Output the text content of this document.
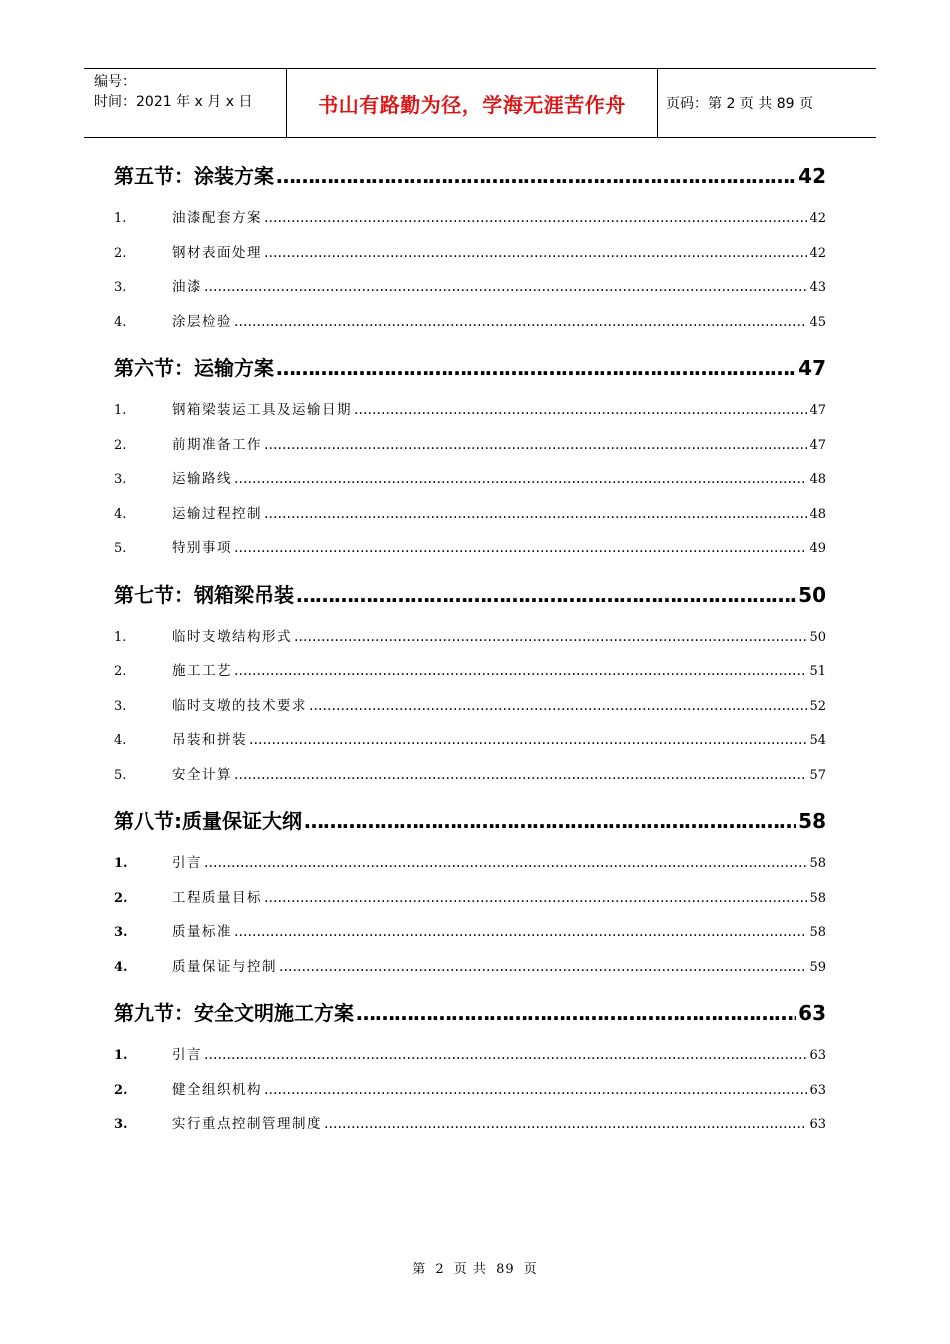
编号：
时间：2021 年 x 月 x 日	书山有路勤为径，学海无涯苦作舟	页码：第 2 页 共 89 页
第五节：涂装方案 ………………………………………………………………………………………………………………………………………………	42
1.	油漆配套方案 …………………………………………………………………………………………………………………………………………………………………………………………	42
2.	钢材表面处理 …………………………………………………………………………………………………………………………………………………………………………………………	42
3.	油漆 …………………………………………………………………………………………………………………………………………………………………………………………	43
4.	涂层检验 …………………………………………………………………………………………………………………………………………………………………………………………	45
第六节：运输方案 ………………………………………………………………………………………………………………………………………………	47
1.	钢箱梁装运工具及运输日期 …………………………………………………………………………………………………………………………………………………………………………………………	47
2.	前期准备工作 …………………………………………………………………………………………………………………………………………………………………………………………	47
3.	运输路线 …………………………………………………………………………………………………………………………………………………………………………………………	48
4.	运输过程控制 …………………………………………………………………………………………………………………………………………………………………………………………	48
5.	特别事项 …………………………………………………………………………………………………………………………………………………………………………………………	49
第七节：钢箱梁吊装 ………………………………………………………………………………………………………………………………………………	50
1.	临时支墩结构形式 …………………………………………………………………………………………………………………………………………………………………………………………	50
2.	施工工艺 …………………………………………………………………………………………………………………………………………………………………………………………	51
3.	临时支墩的技术要求 …………………………………………………………………………………………………………………………………………………………………………………………	52
4.	吊装和拼装 …………………………………………………………………………………………………………………………………………………………………………………………	54
5.	安全计算 …………………………………………………………………………………………………………………………………………………………………………………………	57
第八节:质量保证大纲 ………………………………………………………………………………………………………………………………………………	58
1.	引言 …………………………………………………………………………………………………………………………………………………………………………………………	58
2.	工程质量目标 …………………………………………………………………………………………………………………………………………………………………………………………	58
3.	质量标准 …………………………………………………………………………………………………………………………………………………………………………………………	58
4.	质量保证与控制 …………………………………………………………………………………………………………………………………………………………………………………………	59
第九节：安全文明施工方案 ………………………………………………………………………………………………………………………………………………	63
1.	引言 …………………………………………………………………………………………………………………………………………………………………………………………	63
2.	健全组织机构 …………………………………………………………………………………………………………………………………………………………………………………………	63
3.	实行重点控制管理制度 …………………………………………………………………………………………………………………………………………………………………………………………	63
第 2 页 共 89 页
